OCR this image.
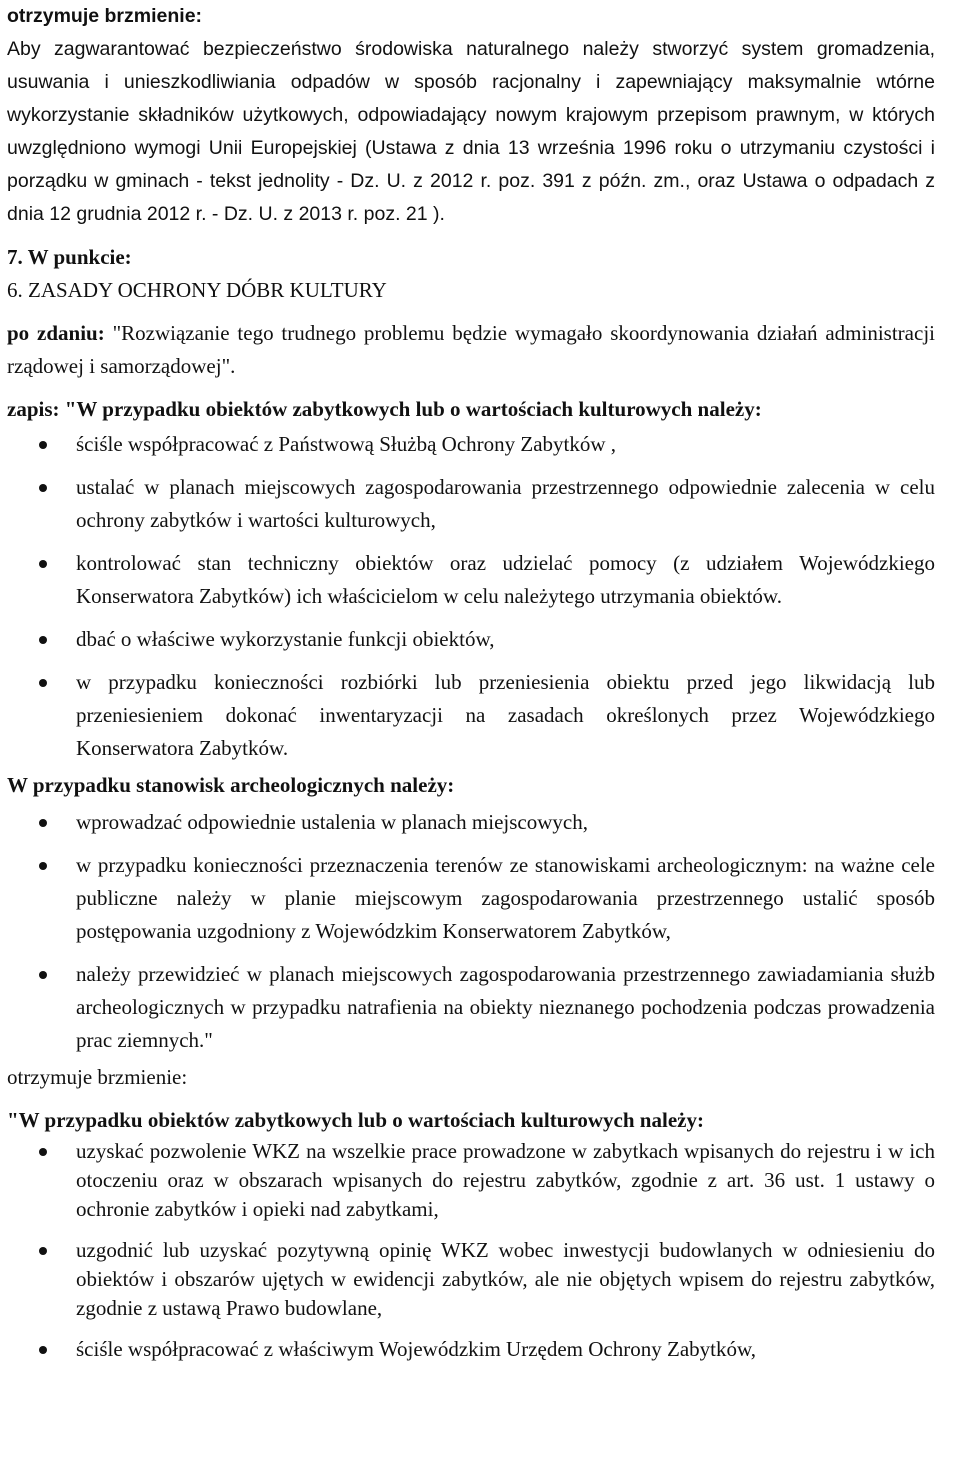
otrzymuje brzmienie:

Aby zagwarantować bezpieczeństwo środowiska naturalnego należy stworzyć system gromadzenia, usuwania i unieszkodliwiania odpadów w sposób racjonalny i zapewniający maksymalnie wtórne wykorzystanie składników użytkowych, odpowiadający nowym krajowym przepisom prawnym, w których uwzględniono wymogi Unii Europejskiej (Ustawa z dnia 13 września 1996 roku o utrzymaniu czystości i porządku w gminach - tekst jednolity - Dz. U. z 2012 r. poz. 391 z późn. zm., oraz Ustawa o odpadach z dnia 12 grudnia 2012 r. - Dz. U. z 2013 r. poz. 21 ).

7. W punkcie:

6. ZASADY OCHRONY DÓBR KULTURY

po zdaniu: "Rozwiązanie tego trudnego problemu będzie wymagało skoordynowania działań administracji rządowej i samorządowej".

zapis: "W przypadku obiektów zabytkowych lub o wartościach kulturowych należy:

ściśle współpracować z Państwową Służbą Ochrony Zabytków ,
ustalać w planach miejscowych zagospodarowania przestrzennego odpowiednie zalecenia w celu ochrony zabytków i wartości kulturowych,
kontrolować stan techniczny obiektów oraz udzielać pomocy (z udziałem Wojewódzkiego Konserwatora Zabytków) ich właścicielom w celu należytego utrzymania obiektów.
dbać o właściwe wykorzystanie funkcji obiektów,
w przypadku konieczności rozbiórki lub przeniesienia obiektu przed jego likwidacją lub przeniesieniem dokonać inwentaryzacji na zasadach określonych przez Wojewódzkiego Konserwatora Zabytków.

W przypadku stanowisk archeologicznych należy:

wprowadzać odpowiednie ustalenia w planach miejscowych,
w przypadku konieczności przeznaczenia terenów ze stanowiskami archeologicznym: na ważne cele publiczne należy w planie miejscowym zagospodarowania przestrzennego ustalić sposób postępowania uzgodniony z Wojewódzkim Konserwatorem Zabytków,
należy przewidzieć w planach miejscowych zagospodarowania przestrzennego zawiadamiania służb archeologicznych w przypadku natrafienia na obiekty nieznanego pochodzenia podczas prowadzenia prac ziemnych."

otrzymuje brzmienie:

"W przypadku obiektów zabytkowych lub o wartościach kulturowych należy:

uzyskać pozwolenie WKZ na wszelkie prace prowadzone w zabytkach wpisanych do rejestru i w ich otoczeniu oraz w obszarach wpisanych do rejestru zabytków, zgodnie z art. 36 ust. 1 ustawy o ochronie zabytków i opieki nad zabytkami,
uzgodnić lub uzyskać pozytywną opinię WKZ wobec inwestycji budowlanych w odniesieniu do obiektów i obszarów ujętych w ewidencji zabytków, ale nie objętych wpisem do rejestru zabytków, zgodnie z ustawą Prawo budowlane,
ściśle współpracować z właściwym Wojewódzkim Urzędem Ochrony Zabytków,
